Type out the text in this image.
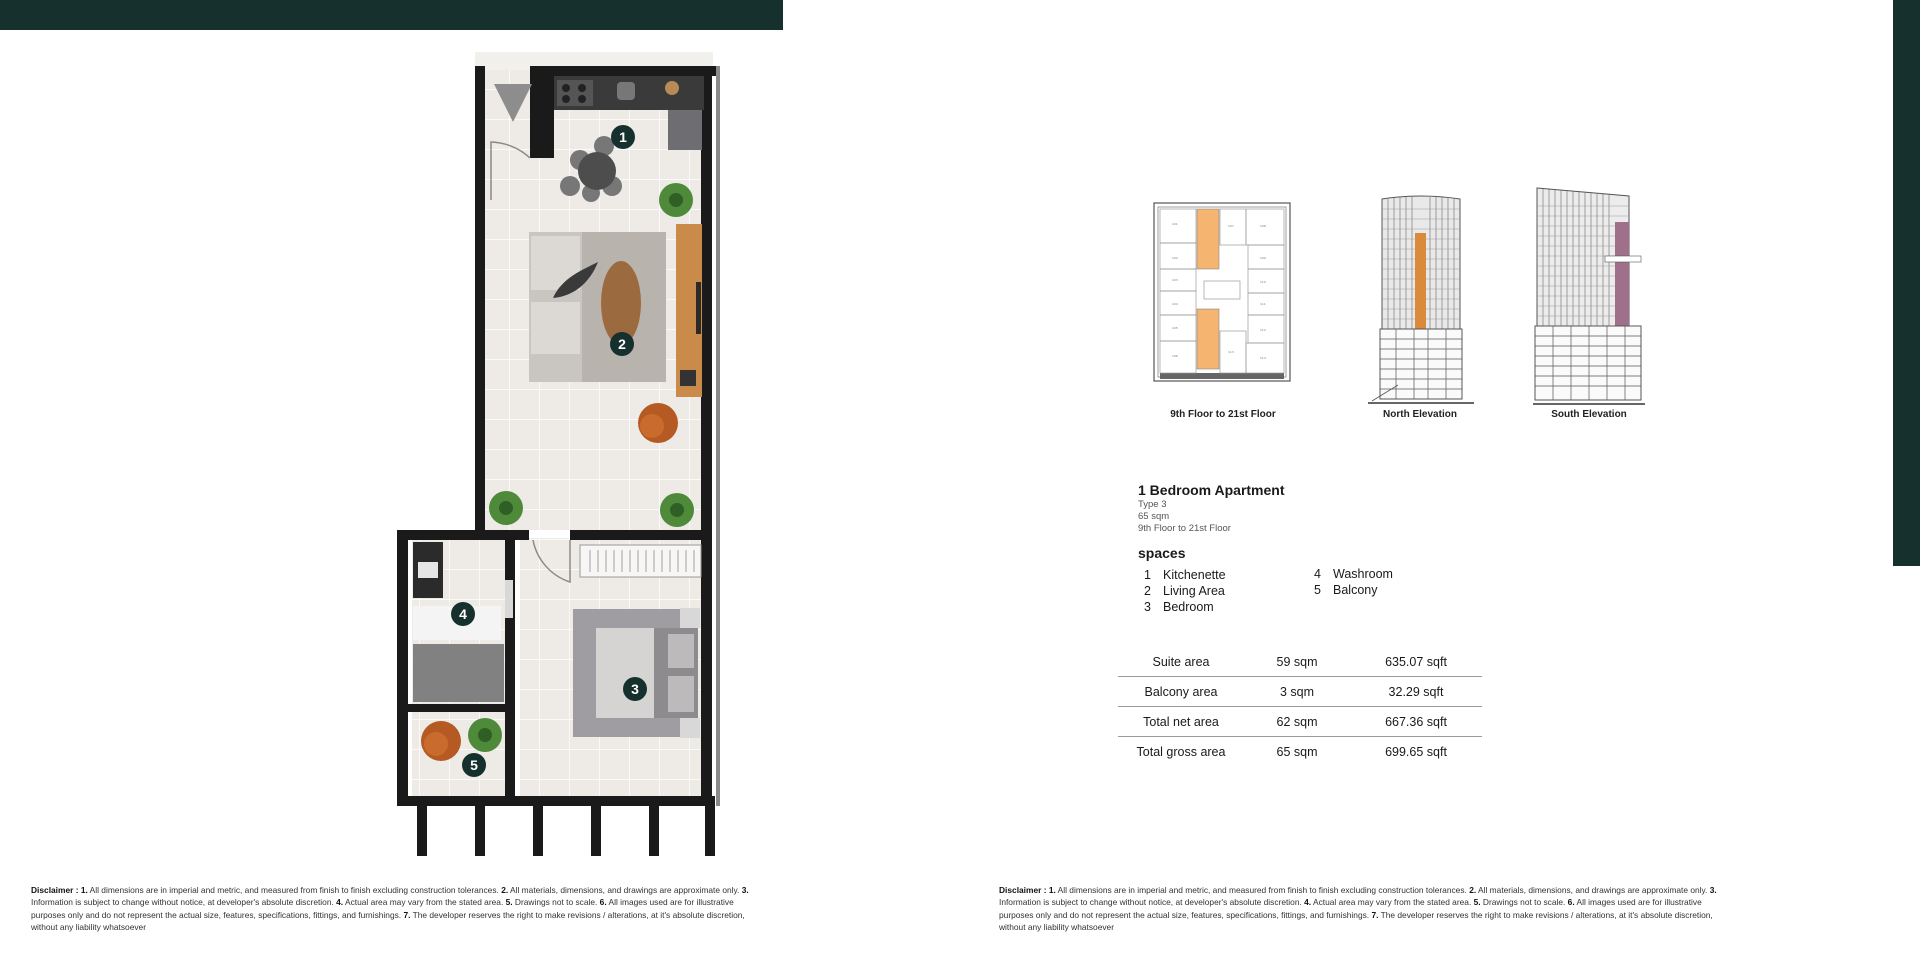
1
2
3
4
5
101
102
103
104
105
106
107	108
109
110
111
112
113
114
9th Floor to 21st Floor	North Elevation	South Elevation
1 Bedroom Apartment
Type 3
65 sqm
9th Floor to 21st Floor
spaces
1 Kitchenette
2 Living Area
3 Bedroom
4 Washroom
5 Balcony
Suite area	59 sqm	635.07 sqft
Balcony area	3 sqm	32.29 sqft
Total net area	62 sqm	667.36 sqft
Total gross area	65 sqm	699.65 sqft
Disclaimer : 1. All dimensions are in imperial and metric, and measured from finish to finish excluding construction tolerances. 2. All materials, dimensions, and drawings are approximate only. 3. Information is subject to change without notice, at developer's absolute discretion. 4. Actual area may vary from the stated area. 5. Drawings not to scale. 6. All images used are for illustrative purposes only and do not represent the actual size, features, specifications, fittings, and furnishings. 7. The developer reserves the right to make revisions / alterations, at it's absolute discretion, without any liability whatsoever
Disclaimer : 1. All dimensions are in imperial and metric, and measured from finish to finish excluding construction tolerances. 2. All materials, dimensions, and drawings are approximate only. 3. Information is subject to change without notice, at developer's absolute discretion. 4. Actual area may vary from the stated area. 5. Drawings not to scale. 6. All images used are for illustrative purposes only and do not represent the actual size, features, specifications, fittings, and furnishings. 7. The developer reserves the right to make revisions / alterations, at it's absolute discretion, without any liability whatsoever
